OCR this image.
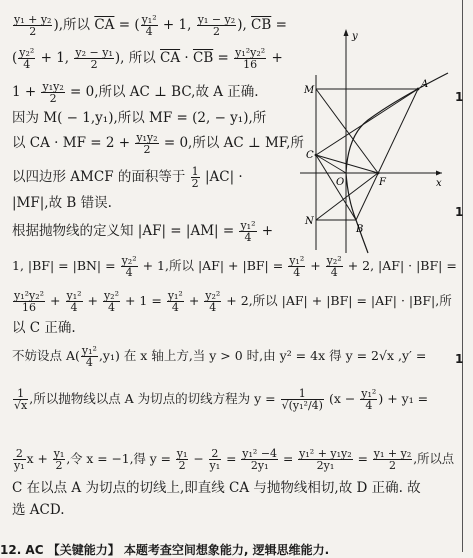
$\frac{\text{y₁ + y₂}}{2}$ ),所以 $\overline{CA}$ = ( $\frac{\text{y₁²}}{4} + 1$, $\frac{\text{y₁ − y₂}}{2}$ ), $\overline{CB}$ =
( $\frac{\text{y₂²}}{4} + 1$, $\frac{\text{y₂ − y₁}}{2}$ ), 所以 $\overline{CA} \cdot \overline{CB} = \frac{\text{y₁²y₂²}}{16}$ +
$1 + \frac{\text{y₁y₂}}{2} = 0$,所以 AC ⊥ BC,故 A 正确.
因为 M( − 1,y₁),所以 MF = (2, − y₁),所
以 CA · MF = $2 + \frac{\text{y₁y₂}}{2} = 0$,所以 AC ⊥ MF,所
以四边形 AMCF 的面积等于 $\frac{1}{2} |AC|$ ·
|MF|,故 B 错误.
根据抛物线的定义知 $|AF| = |AM| = \frac{\text{y₁²}}{4}$ +
1, $|BF| = |BN| = \frac{\text{y₂²}}{4} + 1$,所以 $|AF| + |BF| = \frac{\text{y₁²}}{4} + \frac{\text{y₂²}}{4} + 2$, |AF| · |BF| =
$\frac{\text{y₁²y₂²}}{16} + \frac{\text{y₁²}}{4} + \frac{\text{y₂²}}{4} + 1 = \frac{\text{y₁²}}{4} + \frac{\text{y₂²}}{4} + 2$,所以 |AF| + |BF| = |AF| · |BF|,所
以 C 正确.
不妨设点 $A( \frac{\text{y₁²}}{4} ,y_1)$ 在 x 轴上方,当 y > 0 时,由 y² = 4x 得 y = 2√x ,y′ =
$\frac{1}{√x}$ ,所以抛物线以点 A 为切点的切线方程为 $y = \frac{1}{\text{√(y₁²/4)}} (x - \frac{\text{y₁²}}{4}$ ) + y₁ =
$\frac{2}{\text{y₁}}$ $x + \frac{\text{y₁}}{2}$ ,令 x = −1,得 $y = \frac{\text{y₁}}{2} - \frac{2}{\text{y₁}} = \frac{\text{y₁² −4}}{\text{2y₁}} = \frac{\text{y₁² + y₁y₂}}{\text{2y₁}} = \frac{\text{y₁ + y₂}}{2}$ ,所以点
C 在以点 A 为切点的切线上,即直线 CA 与抛物线相切,故 D 正确. 故
选 ACD.
12. AC 【关键能力】 本题考查空间想象能力, 逻辑思维能力.
1
1
1
y
x
M
A
C
O	F
N
B
